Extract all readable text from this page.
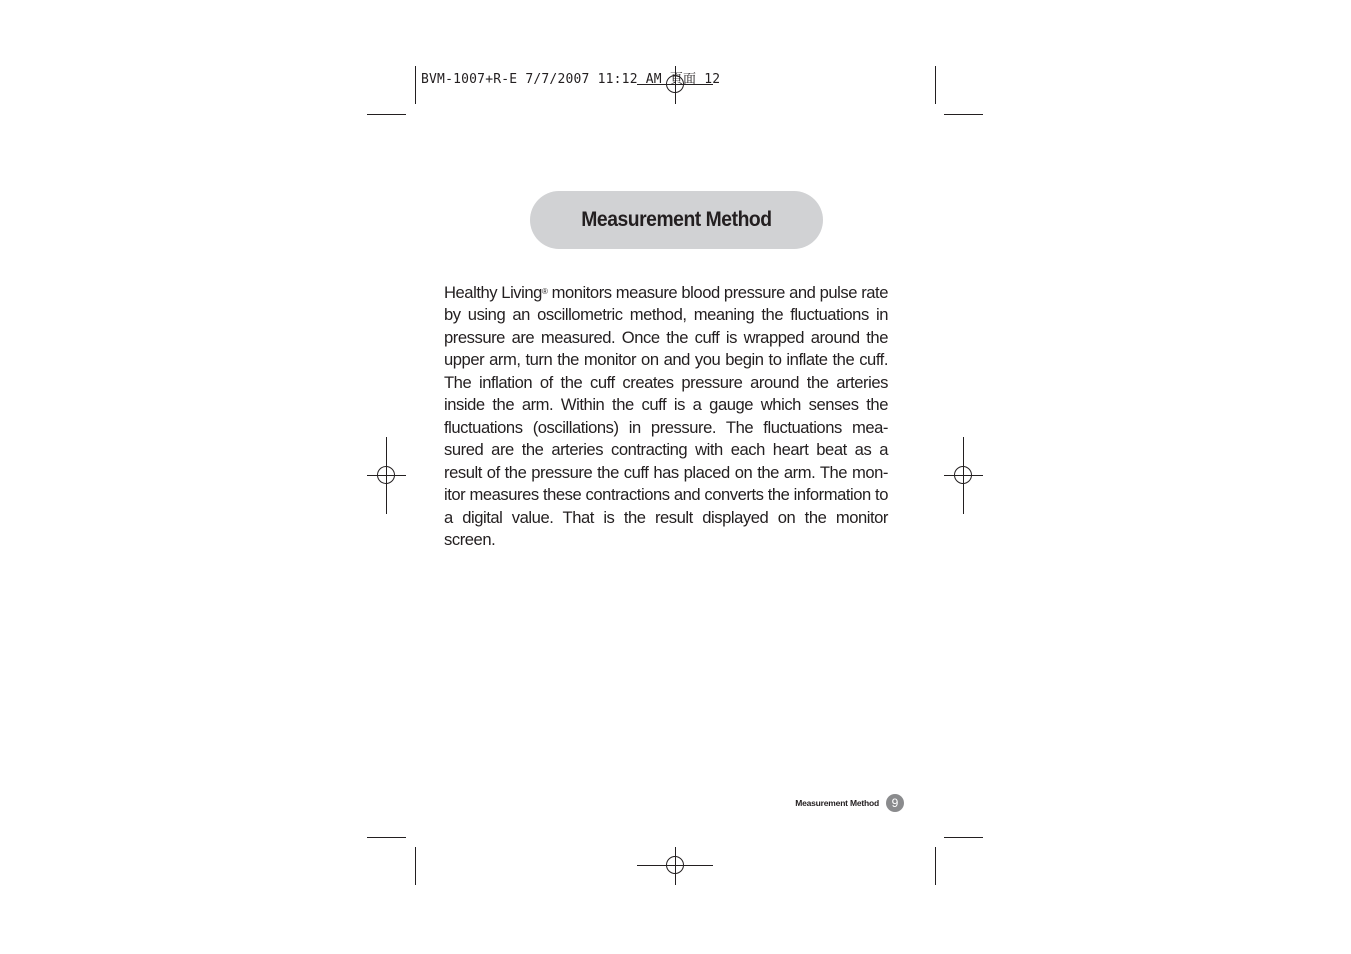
BVM-1007+R-E 7/7/2007 11:12 AM 頁面 12
Measurement Method

Healthy Living® monitors measure blood pressure and pulse rate by using an oscillometric method, meaning the fluctuations in pressure are measured. Once the cuff is wrapped around the upper arm, turn the monitor on and you begin to inflate the cuff. The inflation of the cuff creates pressure around the arteries inside the arm. Within the cuff is a gauge which senses the fluctuations (oscillations) in pressure. The fluctuations mea-sured are the arteries contracting with each heart beat as a result of the pressure the cuff has placed on the arm. The mon-itor measures these contractions and converts the information to a digital value. That is the result displayed on the monitor screen.

Measurement Method	9
